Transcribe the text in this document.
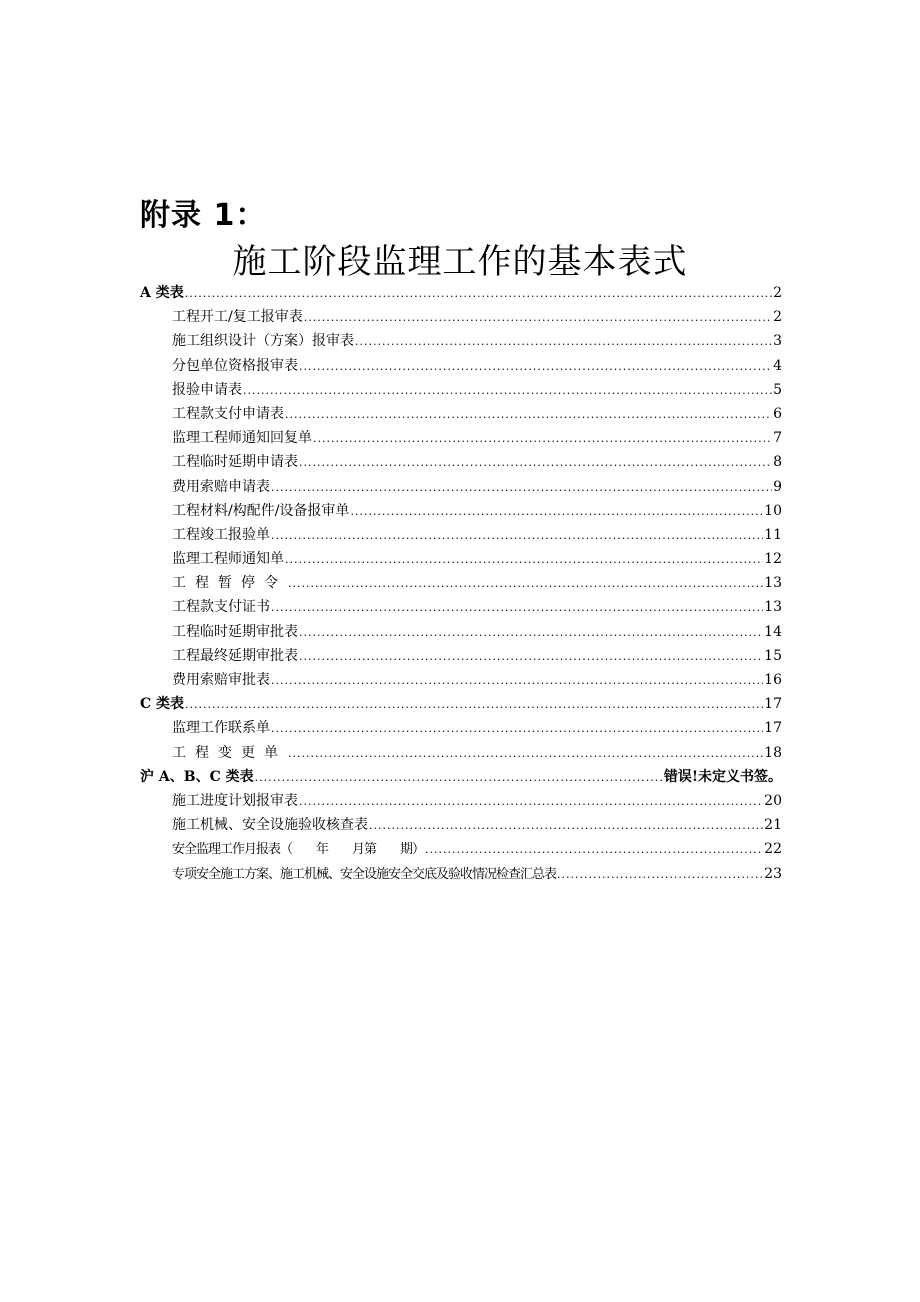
附录 1：
施工阶段监理工作的基本表式
A 类表 .....	2
工程开工/复工报审表 .....	2
施工组织设计（方案）报审表 .....	3
分包单位资格报审表 .....	4
报验申请表 .....	5
工程款支付申请表 .....	6
监理工程师通知回复单 .....	7
工程临时延期申请表 .....	8
费用索赔申请表 .....	9
工程材料/构配件/设备报审单 .....	10
工程竣工报验单 .....	11
监理工程师通知单 .....	12
工程暂停令 .....	13
工程款支付证书 .....	13
工程临时延期审批表 .....	14
工程最终延期审批表 .....	15
费用索赔审批表 .....	16
C 类表 .....	17
监理工作联系单 .....	17
工程变更单 .....	18
沪 A、B、C 类表 .....	错误!未定义书签。
施工进度计划报审表 .....	20
施工机械、安全设施验收核查表 .....	21
安全监理工作月报表（　　年　　月第　　期） .....	22
专项安全施工方案、施工机械、安全设施安全交底及验收情况检查汇总表 .....	23
